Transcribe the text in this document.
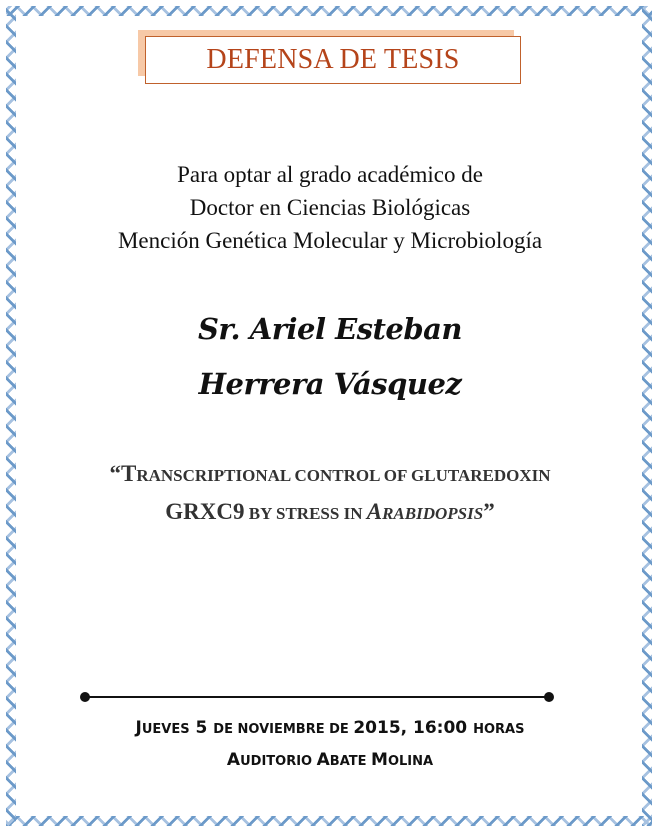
DEFENSA DE TESIS
Para optar al grado académico de
Doctor en Ciencias Biológicas
Mención Genética Molecular y Microbiología
Sr. Ariel Esteban
Herrera Vásquez
“TRANSCRIPTIONAL CONTROL OF GLUTAREDOXIN
GRXC9 BY STRESS IN ARABIDOPSIS”
JUEVES 5 DE NOVIEMBRE DE 2015, 16:00 HORAS
AUDITORIO ABATE MOLINA
